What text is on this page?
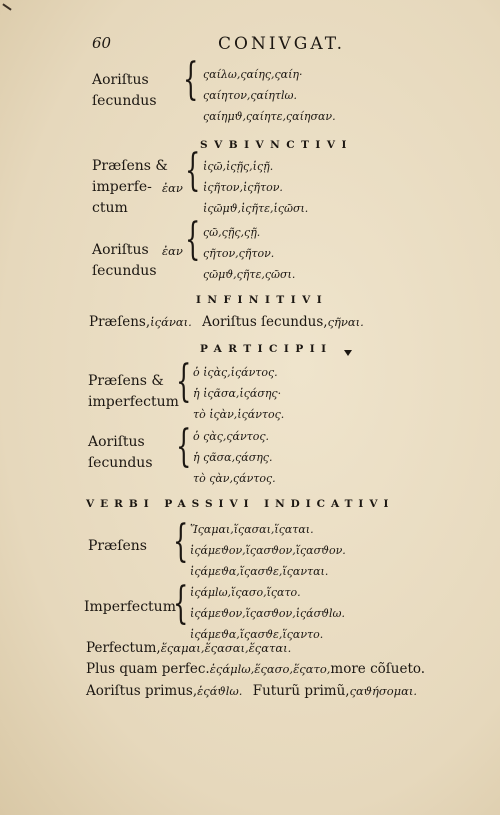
60	CONIVGAT.
Aoriſtus
ſecundus { ςαίλω,ςαίης,ςαίη·
ςαίητον,ςαίητlω.
ςαίημϑ,ςαίητε,ςαίησαν.
SVBIVNCTIVI
Præſens &
imperfe-
ctum
ἐαν { ἱςῶ,ἱςῇς,ἱςῇ.
ἱςῆτον,ἱςῆτον.
ἱςῶμϑ,ἱςῆτε,ἱςῶσι.
Aoriſtus
ſecundus
ἐαν { ςῶ,ςῇς,ςῇ.
ςῆτον,ςῆτον.
ςῶμϑ,ςῆτε,ςῶσι.
INFINITIVI
Præſens,ἱςάναι. Aoriſtus ſecundus,ςῆναι.
PARTICIPII
Præſens &
imperfectum
{ ὁ ἱςὰς,ἱςάντος.
ἡ ἱςᾶσα,ἱςάσης·
τὸ ἱςὰν,ἱςάντος.
Aoriſtus
ſecundus { ὁ ςὰς,ςάντος.
ἡ ςᾶσα,ςάσης.
τὸ ςὰν,ςάντος.
VERBI PASSIVI INDICATIVI
Præſens { Ἵςαμαι,ἵςασαι,ἵςαται.
ἱςάμεϑον,ἵςασϑον,ἵςασϑον.
ἱςάμεϑα,ἵςασϑε,ἵςανται.
Imperfectum
{ ἱςάμlω,ἵςασο,ἵςατο.
ἱςάμεϑον,ἵςασϑον,ἱςάσϑlω.
ἱςάμεϑα,ἵςασϑε,ἵςαντο.
Perfectum,ἕςαμαι,ἕςασαι,ἕςαται.
Plus quam perfec.ἑςάμlω,ἕςασο,ἕςατο,more cõſueto.
Aoriſtus primus,ἑςάϑlω. Futurũ primũ,ςαϑήσομαι.
